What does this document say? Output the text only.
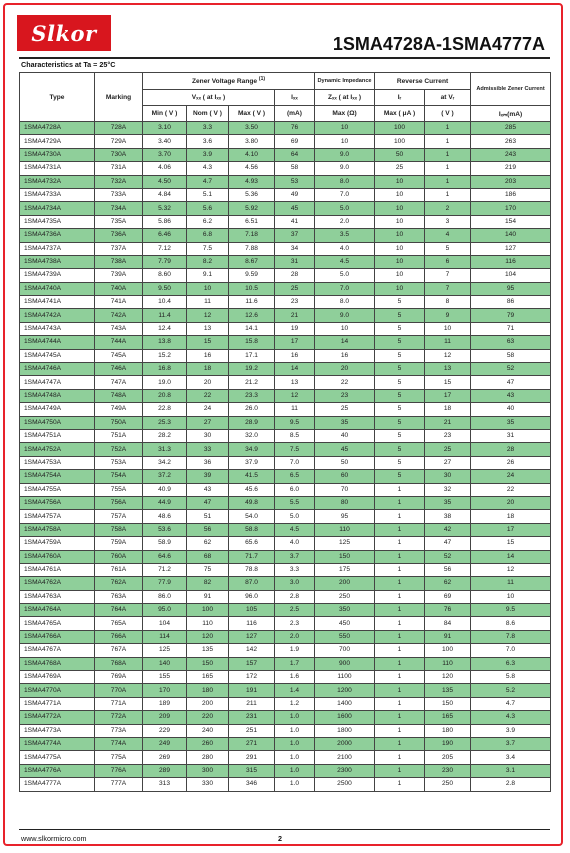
Slkor	1SMA4728A-1SMA4777A
Characteristics at Ta = 25°C
Type	Marking	Zener Voltage Range $^{(1)}$				Dynamic Impedance	Reverse Current		Admissible Zener Current
		Vₓₓ ( at Iₓₓ )			Iₓₓ	Zₓₓ ( at Iₓₓ )	Iᵣ	at Vᵣ	
		Min ( V )	Nom ( V )	Max ( V )	(mA)	Max (Ω)	Max ( μA )	( V )	Iₓₘ(mA)
1SMA4728A	728A	3.10	3.3	3.50	76	10	100	1	285
1SMA4729A	729A	3.40	3.6	3.80	69	10	100	1	263
1SMA4730A	730A	3.70	3.9	4.10	64	9.0	50	1	243
1SMA4731A	731A	4.06	4.3	4.56	58	9.0	25	1	219
1SMA4732A	732A	4.50	4.7	4.93	53	8.0	10	1	203
1SMA4733A	733A	4.84	5.1	5.36	49	7.0	10	1	186
1SMA4734A	734A	5.32	5.6	5.92	45	5.0	10	2	170
1SMA4735A	735A	5.86	6.2	6.51	41	2.0	10	3	154
1SMA4736A	736A	6.46	6.8	7.18	37	3.5	10	4	140
1SMA4737A	737A	7.12	7.5	7.88	34	4.0	10	5	127
1SMA4738A	738A	7.79	8.2	8.67	31	4.5	10	6	116
1SMA4739A	739A	8.60	9.1	9.59	28	5.0	10	7	104
1SMA4740A	740A	9.50	10	10.5	25	7.0	10	7	95
1SMA4741A	741A	10.4	11	11.6	23	8.0	5	8	86
1SMA4742A	742A	11.4	12	12.6	21	9.0	5	9	79
1SMA4743A	743A	12.4	13	14.1	19	10	5	10	71
1SMA4744A	744A	13.8	15	15.8	17	14	5	11	63
1SMA4745A	745A	15.2	16	17.1	16	16	5	12	58
1SMA4746A	746A	16.8	18	19.2	14	20	5	13	52
1SMA4747A	747A	19.0	20	21.2	13	22	5	15	47
1SMA4748A	748A	20.8	22	23.3	12	23	5	17	43
1SMA4749A	749A	22.8	24	26.0	11	25	5	18	40
1SMA4750A	750A	25.3	27	28.9	9.5	35	5	21	35
1SMA4751A	751A	28.2	30	32.0	8.5	40	5	23	31
1SMA4752A	752A	31.3	33	34.9	7.5	45	5	25	28
1SMA4753A	753A	34.2	36	37.9	7.0	50	5	27	26
1SMA4754A	754A	37.2	39	41.5	6.5	60	5	30	24
1SMA4755A	755A	40.9	43	45.6	6.0	70	1	32	22
1SMA4756A	756A	44.9	47	49.8	5.5	80	1	35	20
1SMA4757A	757A	48.6	51	54.0	5.0	95	1	38	18
1SMA4758A	758A	53.6	56	58.8	4.5	110	1	42	17
1SMA4759A	759A	58.9	62	65.6	4.0	125	1	47	15
1SMA4760A	760A	64.6	68	71.7	3.7	150	1	52	14
1SMA4761A	761A	71.2	75	78.8	3.3	175	1	56	12
1SMA4762A	762A	77.9	82	87.0	3.0	200	1	62	11
1SMA4763A	763A	86.0	91	96.0	2.8	250	1	69	10
1SMA4764A	764A	95.0	100	105	2.5	350	1	76	9.5
1SMA4765A	765A	104	110	116	2.3	450	1	84	8.6
1SMA4766A	766A	114	120	127	2.0	550	1	91	7.8
1SMA4767A	767A	125	135	142	1.9	700	1	100	7.0
1SMA4768A	768A	140	150	157	1.7	900	1	110	6.3
1SMA4769A	769A	155	165	172	1.6	1100	1	120	5.8
1SMA4770A	770A	170	180	191	1.4	1200	1	135	5.2
1SMA4771A	771A	189	200	211	1.2	1400	1	150	4.7
1SMA4772A	772A	209	220	231	1.0	1600	1	165	4.3
1SMA4773A	773A	229	240	251	1.0	1800	1	180	3.9
1SMA4774A	774A	249	260	271	1.0	2000	1	190	3.7
1SMA4775A	775A	269	280	291	1.0	2100	1	205	3.4
1SMA4776A	776A	289	300	315	1.0	2300	1	230	3.1
1SMA4777A	777A	313	330	346	1.0	2500	1	250	2.8
www.slkormicro.com	2
